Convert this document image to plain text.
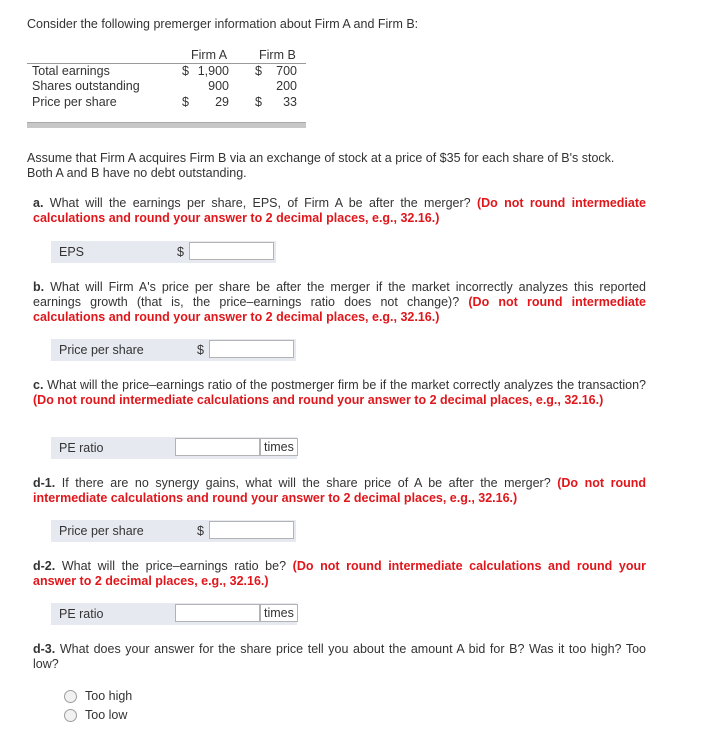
Consider the following premerger information about Firm A and Firm B:
Firm A	Firm B
Total earnings	$ 1,900 $ 700
Shares outstanding	900	200
Price per share	$ 29 $ 33
Assume that Firm A acquires Firm B via an exchange of stock at a price of $35 for each share of B's stock.
Both A and B have no debt outstanding.
a. What will the earnings per share, EPS, of Firm A be after the merger? (Do not round intermediate calculations and round your answer to 2 decimal places, e.g., 32.16.)
EPS	$
b. What will Firm A's price per share be after the merger if the market incorrectly analyzes this reported earnings growth (that is, the price–earnings ratio does not change)? (Do not round intermediate calculations and round your answer to 2 decimal places, e.g., 32.16.)
Price per share	$
c. What will the price–earnings ratio of the postmerger firm be if the market correctly analyzes the transaction? (Do not round intermediate calculations and round your answer to 2 decimal places, e.g., 32.16.)
PE ratio	times
d-1. If there are no synergy gains, what will the share price of A be after the merger? (Do not round intermediate calculations and round your answer to 2 decimal places, e.g., 32.16.)
Price per share	$
d-2. What will the price–earnings ratio be? (Do not round intermediate calculations and round your answer to 2 decimal places, e.g., 32.16.)
PE ratio	times
d-3. What does your answer for the share price tell you about the amount A bid for B? Was it too high? Too low?
Too high
Too low
